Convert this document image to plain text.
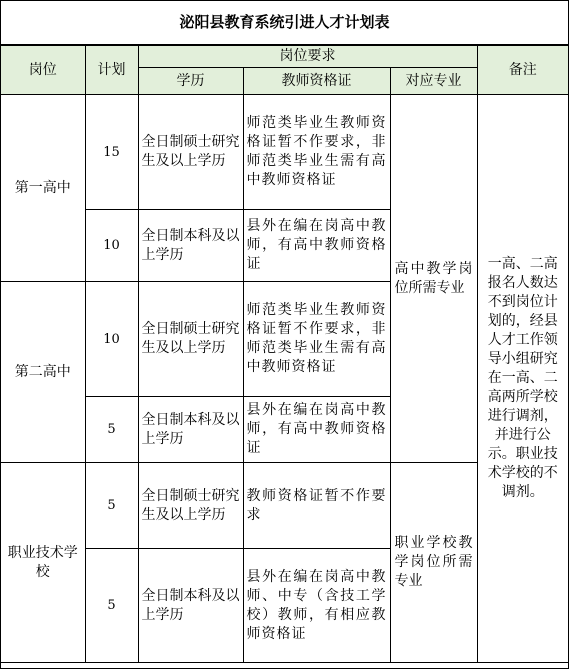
泌阳县教育系统引进人才计划表
岗位	计划	岗位要求			备注
		学历	教师资格证	对应专业	
第一高中	15	全日制硕士研究生及以上学历	师范类毕业生教师资格证暂不作要求，非师范类毕业生需有高中教师资格证	高中教学岗位所需专业	一高、二高报名人数达不到岗位计划的，经县人才工作领导小组研究在一高、二高两所学校进行调剂，并进行公示。职业技术学校的不调剂。
	10	全日制本科及以上学历	县外在编在岗高中教师，有高中教师资格证		
第二高中	10	全日制硕士研究生及以上学历	师范类毕业生教师资格证暂不作要求，非师范类毕业生需有高中教师资格证		
	5	全日制本科及以上学历	县外在编在岗高中教师，有高中教师资格证		
职业技术学校	5	全日制硕士研究生及以上学历	教师资格证暂不作要求	职业学校教学岗位所需专业	
	5	全日制本科及以上学历	县外在编在岗高中教师、中专（含技工学校）教师，有相应教师资格证		
